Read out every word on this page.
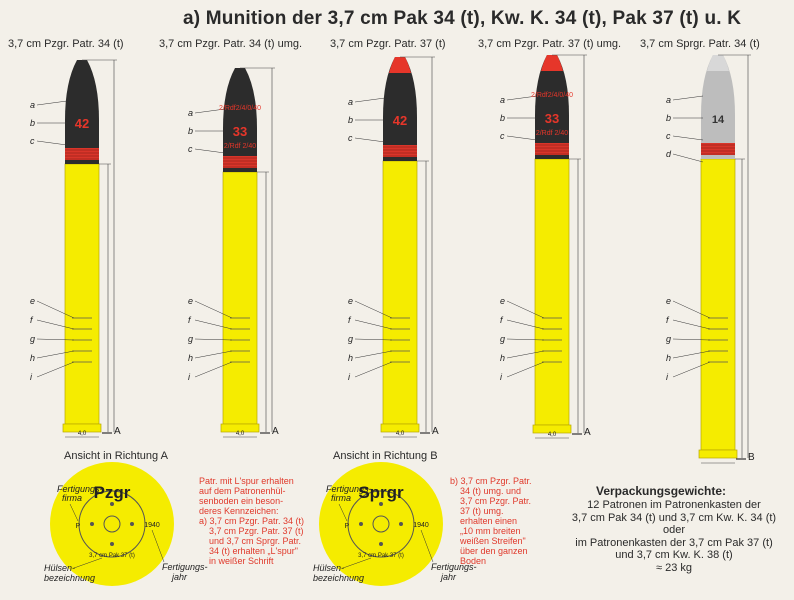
a) Munition der 3,7 cm Pak 34 (t), Kw. K. 34 (t), Pak 37 (t) u. K
3,7 cm Pzgr. Patr. 34 (t)	3,7 cm Pzgr. Patr. 34 (t) umg.	3,7 cm Pzgr. Patr. 37 (t)	3,7 cm Pzgr. Patr. 37 (t) umg. 3,7 cm Sprgr. Patr. 34 (t)
42
a
b
c
e
f
g
h
i
4,0	A
2/Rdf2/4/0/40
33
2/Rdf 2/40
a
b
c
e
f
g
h
i
4,0	A
42
a
b
c
e
f
g
h
i
4,0	A
2/Rdf2/4/0/40
33
2/Rdf 2/40
a
b
c
e
f
g
h
i
4,0	A
14
a
b
c
d
e
f
g
h
i
B
Pzgr
P	1940
3,7 cm Pak 37 (t)
Fertigungs-
firma
Hülsen-
bezeichnung
Fertigungs-
jahr
Sprgr
P	1940
3,7 cm Pak 37 (t)
Fertigungs-
firma
Hülsen-
bezeichnung
Fertigungs-
jahr
Ansicht in Richtung A	Ansicht in Richtung B
Patr. mit L'spur erhalten
auf dem Patronenhül-
senboden ein beson-
deres Kennzeichen:
a) 3,7 cm Pzgr. Patr. 34 (t)
3,7 cm Pzgr. Patr. 37 (t)
und 3,7 cm Sprgr. Patr.
34 (t) erhalten „L'spur"
in weißer Schrift
b) 3,7 cm Pzgr. Patr.
34 (t) umg. und
3,7 cm Pzgr. Patr.
37 (t) umg.
erhalten einen
„10 mm breiten
weißen Streifen"
über den ganzen
Boden
Verpackungsgewichte:
12 Patronen im Patronenkasten der
3,7 cm Pak 34 (t) und 3,7 cm Kw. K. 34 (t)
oder
im Patronenkasten der 3,7 cm Pak 37 (t)
und 3,7 cm Kw. K. 38 (t)
≈ 23 kg
